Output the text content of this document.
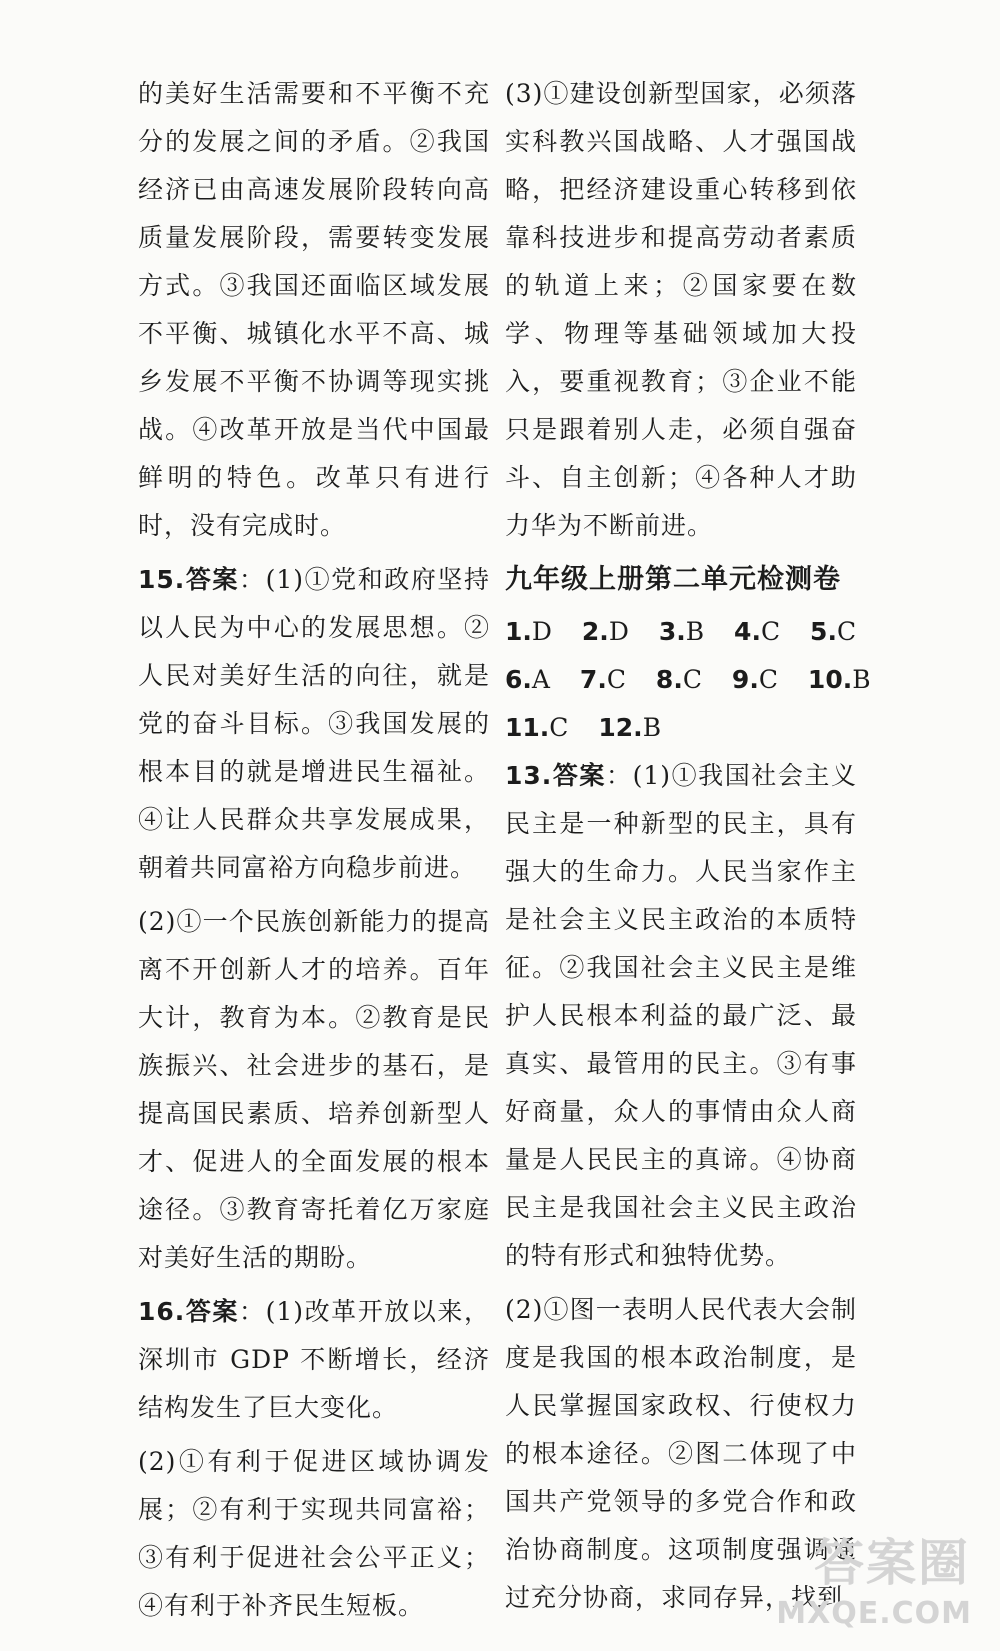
的美好生活需要和不平衡不充分的发展之间的矛盾。②我国经济已由高速发展阶段转向高质量发展阶段，需要转变发展方式。③我国还面临区域发展不平衡、城镇化水平不高、城乡发展不平衡不协调等现实挑战。④改革开放是当代中国最鲜明的特色。改革只有进行时，没有完成时。

15.答案：(1)①党和政府坚持以人民为中心的发展思想。②人民对美好生活的向往，就是党的奋斗目标。③我国发展的根本目的就是增进民生福祉。④让人民群众共享发展成果，朝着共同富裕方向稳步前进。

(2)①一个民族创新能力的提高离不开创新人才的培养。百年大计，教育为本。②教育是民族振兴、社会进步的基石，是提高国民素质、培养创新型人才、促进人的全面发展的根本途径。③教育寄托着亿万家庭对美好生活的期盼。

16.答案：(1)改革开放以来，深圳市 GDP 不断增长，经济结构发生了巨大变化。

(2)①有利于促进区域协调发展；②有利于实现共同富裕；③有利于促进社会公平正义；④有利于补齐民生短板。

(3)①建设创新型国家，必须落实科教兴国战略、人才强国战略，把经济建设重心转移到依靠科技进步和提高劳动者素质的轨道上来；②国家要在数学、物理等基础领域加大投入，要重视教育；③企业不能只是跟着别人走，必须自强奋斗、自主创新；④各种人才助力华为不断前进。

九年级上册第二单元检测卷
1.D 2.D 3.B 4.C 5.C
6.A 7.C 8.C 9.C 10.B
11.C 12.B

13.答案：(1)①我国社会主义民主是一种新型的民主，具有强大的生命力。人民当家作主是社会主义民主政治的本质特征。②我国社会主义民主是维护人民根本利益的最广泛、最真实、最管用的民主。③有事好商量，众人的事情由众人商量是人民民主的真谛。④协商民主是我国社会主义民主政治的特有形式和独特优势。

(2)①图一表明人民代表大会制度是我国的根本政治制度，是人民掌握国家政权、行使权力的根本途径。②图二体现了中国共产党领导的多党合作和政治协商制度。这项制度强调通过充分协商，求同存异，找到

答案圈
MXQE.COM
